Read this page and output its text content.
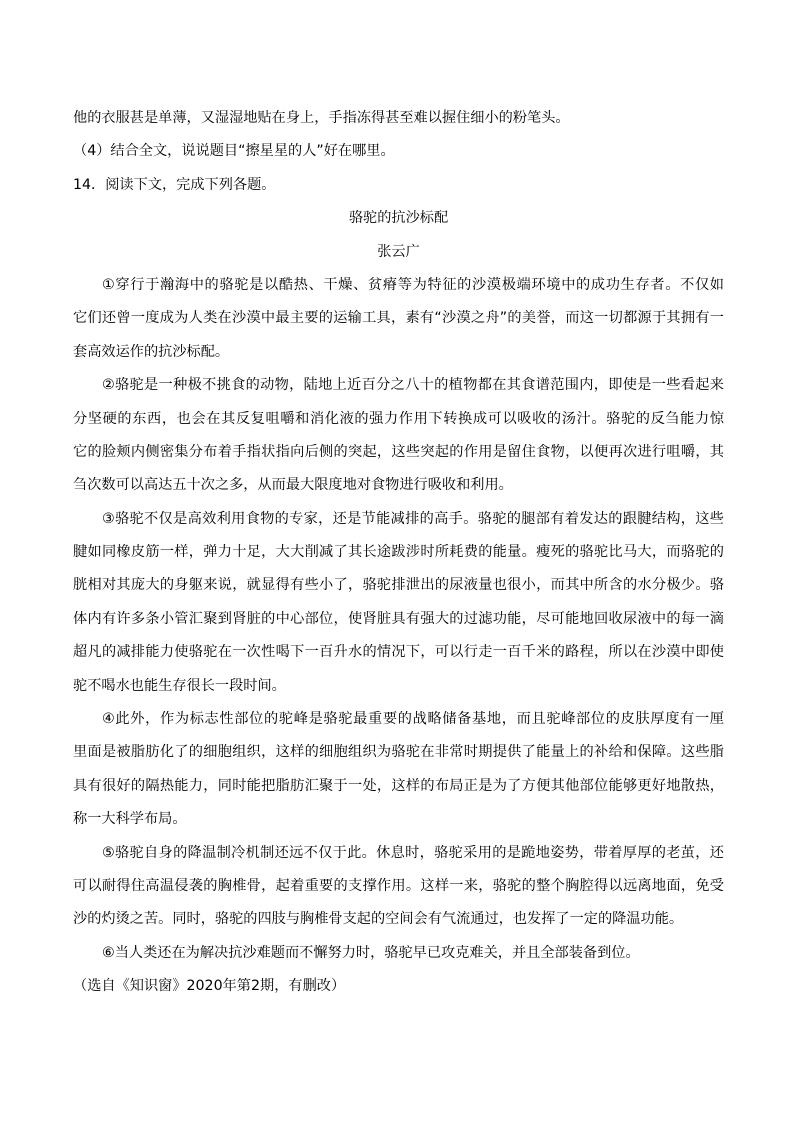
他的衣服甚是单薄，又湿湿地贴在身上，手指冻得甚至难以握住细小的粉笔头。
（4）结合全文，说说题目“擦星星的人”好在哪里。
14．阅读下文，完成下列各题。
骆驼的抗沙标配
张云广
①穿行于瀚海中的骆驼是以酷热、干燥、贫瘠等为特征的沙漠极端环境中的成功生存者。不仅如
它们还曾一度成为人类在沙漠中最主要的运输工具，素有“沙漠之舟”的美誉，而这一切都源于其拥有一
套高效运作的抗沙标配。
②骆驼是一种极不挑食的动物，陆地上近百分之八十的植物都在其食谱范围内，即使是一些看起来
分坚硬的东西，也会在其反复咀嚼和消化液的强力作用下转换成可以吸收的汤汁。骆驼的反刍能力惊
它的脸颊内侧密集分布着手指状指向后侧的突起，这些突起的作用是留住食物，以便再次进行咀嚼，其
刍次数可以高达五十次之多，从而最大限度地对食物进行吸收和利用。
③骆驼不仅是高效利用食物的专家，还是节能减排的高手。骆驼的腿部有着发达的跟腱结构，这些
腱如同橡皮筋一样，弹力十足，大大削减了其长途跋涉时所耗费的能量。瘦死的骆驼比马大，而骆驼的
胱相对其庞大的身躯来说，就显得有些小了，骆驼排泄出的尿液量也很小，而其中所含的水分极少。骆
体内有许多条小管汇聚到肾脏的中心部位，使肾脏具有强大的过滤功能，尽可能地回收尿液中的每一滴
超凡的减排能力使骆驼在一次性喝下一百升水的情况下，可以行走一百千米的路程，所以在沙漠中即使
驼不喝水也能生存很长一段时间。
④此外，作为标志性部位的驼峰是骆驼最重要的战略储备基地，而且驼峰部位的皮肤厚度有一厘
里面是被脂肪化了的细胞组织，这样的细胞组织为骆驼在非常时期提供了能量上的补给和保障。这些脂
具有很好的隔热能力，同时能把脂肪汇聚于一处，这样的布局正是为了方便其他部位能够更好地散热，
称一大科学布局。
⑤骆驼自身的降温制冷机制还远不仅于此。休息时，骆驼采用的是跪地姿势，带着厚厚的老茧，还
可以耐得住高温侵袭的胸椎骨，起着重要的支撑作用。这样一来，骆驼的整个胸腔得以远离地面，免受
沙的灼烫之苦。同时，骆驼的四肢与胸椎骨支起的空间会有气流通过，也发挥了一定的降温功能。
⑥当人类还在为解决抗沙难题而不懈努力时，骆驼早已攻克难关，并且全部装备到位。
（选自《知识窗》2020年第2期，有删改）
